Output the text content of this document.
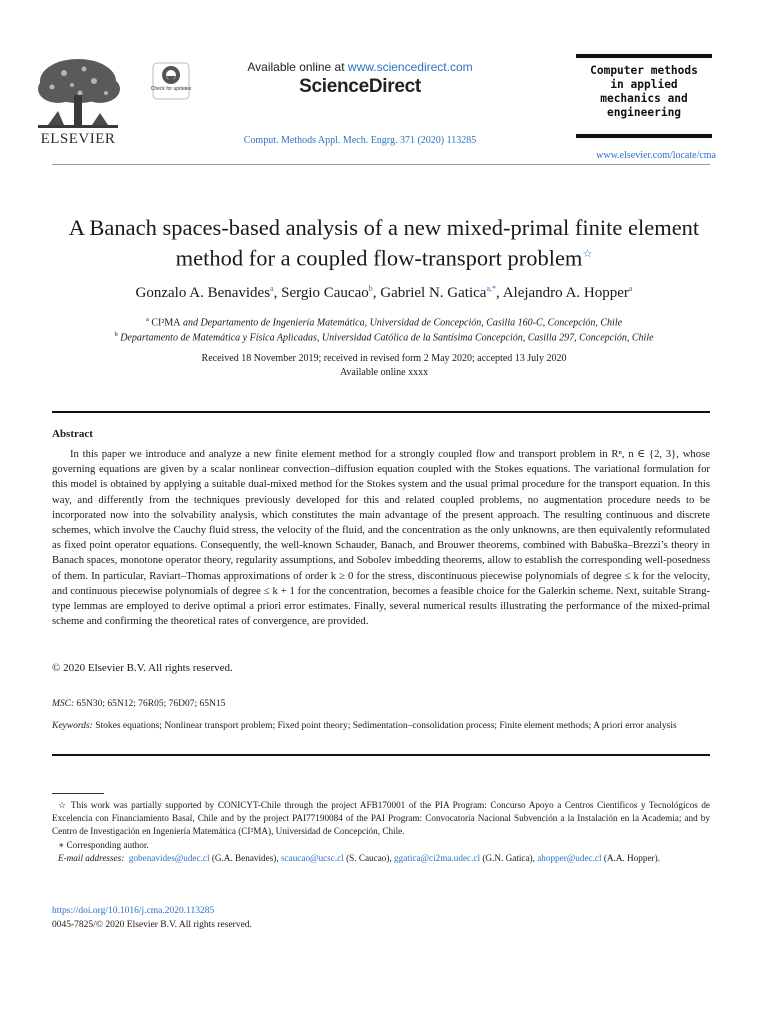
ELSEVIER
Check for updates
Available online at www.sciencedirect.com
ScienceDirect
Comput. Methods Appl. Mech. Engrg. 371 (2020) 113285
Computer methods
in applied
mechanics and
engineering
www.elsevier.com/locate/cma
A Banach spaces-based analysis of a new mixed-primal finite element method for a coupled flow-transport problem☆
Gonzalo A. Benavides$^a$, Sergio Caucao$^b$, Gabriel N. Gatica$^{a,*}$, Alejandro A. Hopper$^a$
$^a$ CI²MA and Departamento de Ingeniería Matemática, Universidad de Concepción, Casilla 160-C, Concepción, Chile
$^b$ Departamento de Matemática y Física Aplicadas, Universidad Católica de la Santísima Concepción, Casilla 297, Concepción, Chile
Received 18 November 2019; received in revised form 2 May 2020; accepted 13 July 2020
Available online xxxx
Abstract
In this paper we introduce and analyze a new finite element method for a strongly coupled flow and transport problem in Rⁿ, n ∈ {2, 3}, whose governing equations are given by a scalar nonlinear convection–diffusion equation coupled with the Stokes equations. The variational formulation for this model is obtained by applying a suitable dual-mixed method for the Stokes system and the usual primal procedure for the transport equation. In this way, and differently from the techniques previously developed for this and related coupled problems, no augmentation procedure needs to be incorporated now into the solvability analysis, which constitutes the main advantage of the present approach. The resulting continuous and discrete schemes, which involve the Cauchy fluid stress, the velocity of the fluid, and the concentration as the only unknowns, are then equivalently reformulated as fixed point operator equations. Consequently, the well-known Schauder, Banach, and Brouwer theorems, combined with Babuška–Brezzi’s theory in Banach spaces, monotone operator theory, regularity assumptions, and Sobolev imbedding theorems, allow to establish the corresponding well-posedness of them. In particular, Raviart–Thomas approximations of order k ≥ 0 for the stress, discontinuous piecewise polynomials of degree ≤ k for the velocity, and continuous piecewise polynomials of degree ≤ k + 1 for the concentration, becomes a feasible choice for the Galerkin scheme. Next, suitable Strang-type lemmas are employed to derive optimal a priori error estimates. Finally, several numerical results illustrating the performance of the mixed-primal scheme and confirming the theoretical rates of convergence, are provided.
© 2020 Elsevier B.V. All rights reserved.
MSC: 65N30; 65N12; 76R05; 76D07; 65N15
Keywords: Stokes equations; Nonlinear transport problem; Fixed point theory; Sedimentation–consolidation process; Finite element methods; A priori error analysis

☆ This work was partially supported by CONICYT-Chile through the project AFB170001 of the PIA Program: Concurso Apoyo a Centros Científicos y Tecnológicos de Excelencia con Financiamiento Basal, Chile and by the project PAI77190084 of the PAI Program: Convocatoria Nacional Subvención a la Instalación en la Academia; and by Centro de Investigación en Ingeniería Matemática (CI²MA), Universidad de Concepción, Chile.

∗ Corresponding author.

E-mail addresses: gobenavides@udec.cl (G.A. Benavides), scaucao@ucsc.cl (S. Caucao), ggatica@ci2ma.udec.cl (G.N. Gatica), ahopper@udec.cl (A.A. Hopper).

https://doi.org/10.1016/j.cma.2020.113285
0045-7825/© 2020 Elsevier B.V. All rights reserved.
